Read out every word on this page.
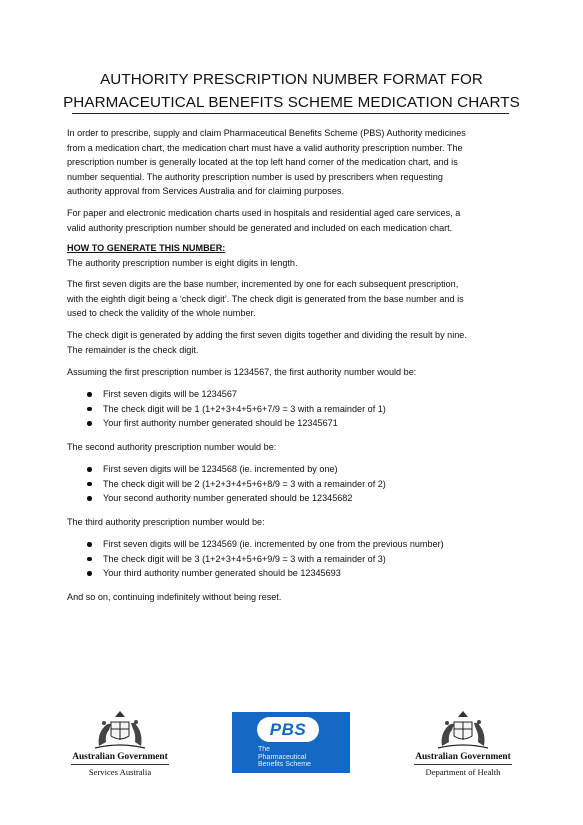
AUTHORITY PRESCRIPTION NUMBER FORMAT FOR
PHARMACEUTICAL BENEFITS SCHEME MEDICATION CHARTS
In order to prescribe, supply and claim Pharmaceutical Benefits Scheme (PBS) Authority medicines
from a medication chart, the medication chart must have a valid authority prescription number. The
prescription number is generally located at the top left hand corner of the medication chart, and is
number sequential. The authority prescription number is used by prescribers when requesting
authority approval from Services Australia and for claiming purposes.
For paper and electronic medication charts used in hospitals and residential aged care services, a
valid authority prescription number should be generated and included on each medication chart.
HOW TO GENERATE THIS NUMBER:
The authority prescription number is eight digits in length.
The first seven digits are the base number, incremented by one for each subsequent prescription,
with the eighth digit being a ‘check digit’. The check digit is generated from the base number and is
used to check the validity of the whole number.
The check digit is generated by adding the first seven digits together and dividing the result by nine.
The remainder is the check digit.
Assuming the first prescription number is 1234567, the first authority number would be:
First seven digits will be 1234567
The check digit will be 1 (1+2+3+4+5+6+7/9 = 3 with a remainder of 1)
Your first authority number generated should be 12345671
The second authority prescription number would be:
First seven digits will be 1234568 (ie. incremented by one)
The check digit will be 2 (1+2+3+4+5+6+8/9 = 3 with a remainder of 2)
Your second authority number generated should be 12345682
The third authority prescription number would be:
First seven digits will be 1234569 (ie. incremented by one from the previous number)
The check digit will be 3 (1+2+3+4+5+6+9/9 = 3 with a remainder of 3)
Your third authority number generated should be 12345693
And so on, continuing indefinitely without being reset.
Australian Government
Services Australia
PBS
The
Pharmaceutical
Benefits Scheme
Australian Government
Department of Health
